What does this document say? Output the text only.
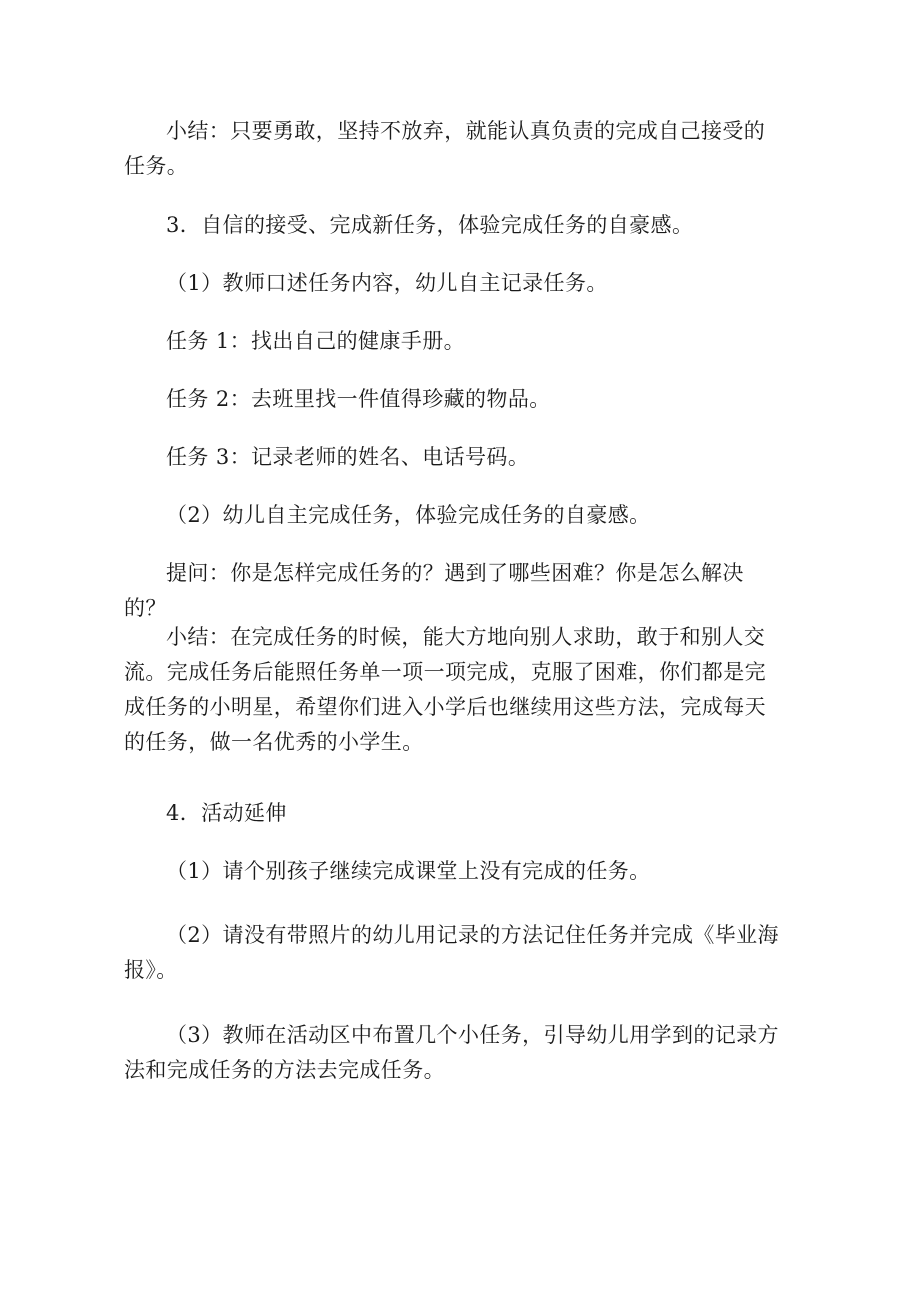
小结：只要勇敢，坚持不放弃，就能认真负责的完成自己接受的任务。

3．自信的接受、完成新任务，体验完成任务的自豪感。

（1）教师口述任务内容，幼儿自主记录任务。

任务 1：找出自己的健康手册。

任务 2：去班里找一件值得珍藏的物品。

任务 3：记录老师的姓名、电话号码。

（2）幼儿自主完成任务，体验完成任务的自豪感。

提问：你是怎样完成任务的？遇到了哪些困难？你是怎么解决的？

小结：在完成任务的时候，能大方地向别人求助，敢于和别人交流。完成任务后能照任务单一项一项完成，克服了困难，你们都是完成任务的小明星，希望你们进入小学后也继续用这些方法，完成每天的任务，做一名优秀的小学生。

4．活动延伸

（1）请个别孩子继续完成课堂上没有完成的任务。

（2）请没有带照片的幼儿用记录的方法记住任务并完成《毕业海报》。

（3）教师在活动区中布置几个小任务，引导幼儿用学到的记录方法和完成任务的方法去完成任务。
